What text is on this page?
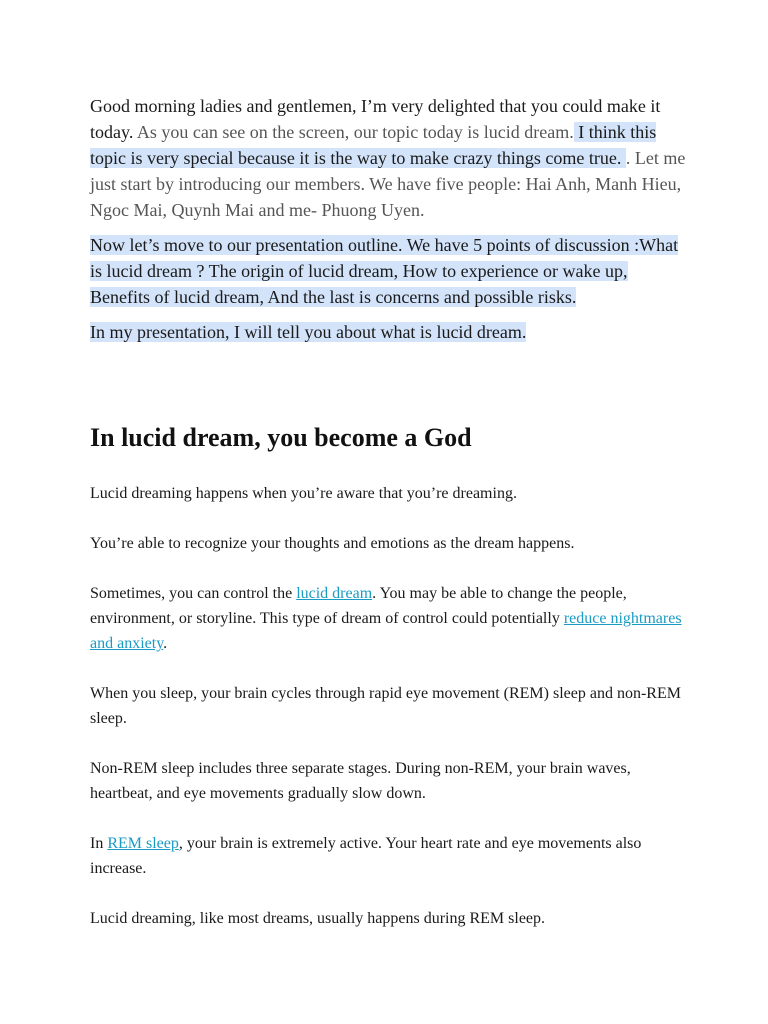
Good morning ladies and gentlemen, I’m very delighted that you could make it today. As you can see on the screen, our topic today is lucid dream. I think this topic is very special because it is the way to make crazy things come true. . Let me just start by introducing our members. We have five people: Hai Anh, Manh Hieu, Ngoc Mai, Quynh Mai and me- Phuong Uyen.

Now let’s move to our presentation outline. We have 5 points of discussion :What is lucid dream ? The origin of lucid dream, How to experience or wake up, Benefits of lucid dream, And the last is concerns and possible risks.

In my presentation, I will tell you about what is lucid dream.

In lucid dream, you become a God

Lucid dreaming happens when you’re aware that you’re dreaming.

You’re able to recognize your thoughts and emotions as the dream happens.

Sometimes, you can control the lucid dream. You may be able to change the people, environment, or storyline. This type of dream of control could potentially reduce nightmares and anxiety.

When you sleep, your brain cycles through rapid eye movement (REM) sleep and non-REM sleep.

Non-REM sleep includes three separate stages. During non-REM, your brain waves, heartbeat, and eye movements gradually slow down.

In REM sleep, your brain is extremely active. Your heart rate and eye movements also increase.

Lucid dreaming, like most dreams, usually happens during REM sleep.
